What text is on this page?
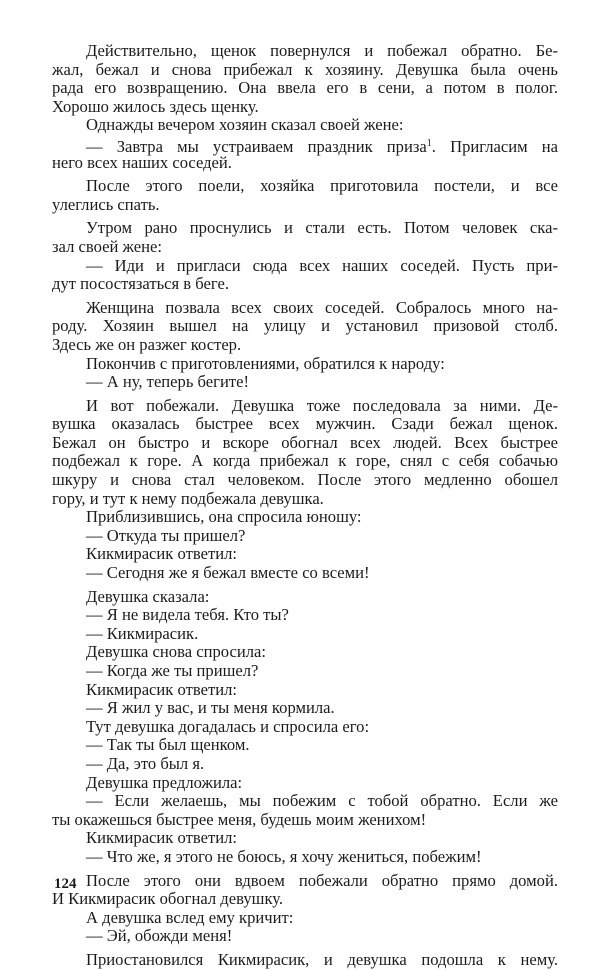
Действительно, щенок повернулся и побежал обратно. Бе-
жал, бежал и снова прибежал к хозяину. Девушка была очень
рада его возвращению. Она ввела его в сени, а потом в полог.
Хорошо жилось здесь щенку.
Однажды вечером хозяин сказал своей жене:
— Завтра мы устраиваем праздник приза$^1$. Пригласим на
него всех наших соседей.
После этого поели, хозяйка приготовила постели, и все
улеглись спать.
Утром рано проснулись и стали есть. Потом человек ска-
зал своей жене:
— Иди и пригласи сюда всех наших соседей. Пусть при-
дут посостязаться в беге.
Женщина позвала всех своих соседей. Собралось много на-
роду. Хозяин вышел на улицу и установил призовой столб.
Здесь же он разжег костер.
Покончив с приготовлениями, обратился к народу:
— А ну, теперь бегите!
И вот побежали. Девушка тоже последовала за ними. Де-
вушка оказалась быстрее всех мужчин. Сзади бежал щенок.
Бежал он быстро и вскоре обогнал всех людей. Всех быстрее
подбежал к горе. А когда прибежал к горе, снял с себя собачью
шкуру и снова стал человеком. После этого медленно обошел
гору, и тут к нему подбежала девушка.
Приблизившись, она спросила юношу:
— Откуда ты пришел?
Кикмирасик ответил:
— Сегодня же я бежал вместе со всеми!
Девушка сказала:
— Я не видела тебя. Кто ты?
— Кикмирасик.
Девушка снова спросила:
— Когда же ты пришел?
Кикмирасик ответил:
— Я жил у вас, и ты меня кормила.
Тут девушка догадалась и спросила его:
— Так ты был щенком.
— Да, это был я.
Девушка предложила:
— Если желаешь, мы побежим с тобой обратно. Если же
ты окажешься быстрее меня, будешь моим женихом!
Кикмирасик ответил:
— Что же, я этого не боюсь, я хочу жениться, побежим!
После этого они вдвоем побежали обратно прямо домой.
И Кикмирасик обогнал девушку.
А девушка вслед ему кричит:
— Эй, обожди меня!
Приостановился Кикмирасик, и девушка подошла к нему.
124
